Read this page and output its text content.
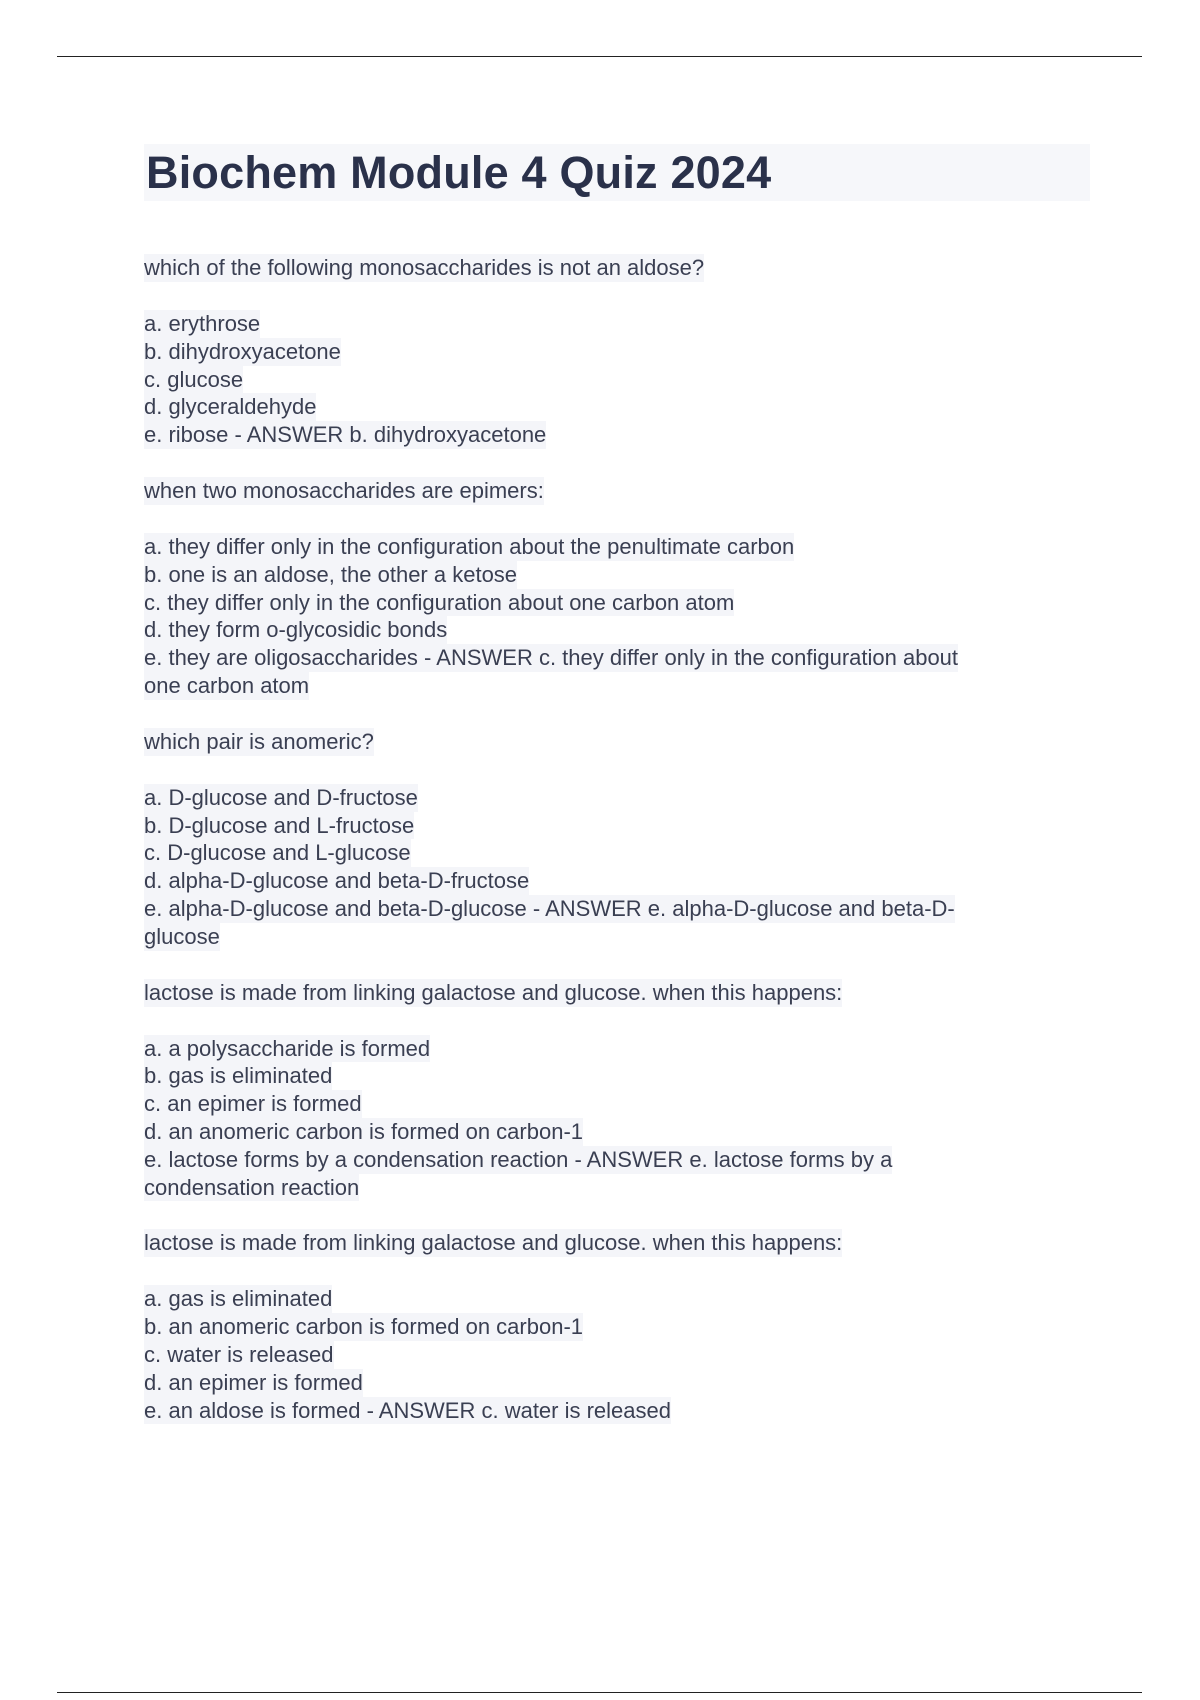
Biochem Module 4 Quiz 2024
which of the following monosaccharides is not an aldose?
a. erythrose
b. dihydroxyacetone
c. glucose
d. glyceraldehyde
e. ribose - ANSWER b. dihydroxyacetone
when two monosaccharides are epimers:
a. they differ only in the configuration about the penultimate carbon
b. one is an aldose, the other a ketose
c. they differ only in the configuration about one carbon atom
d. they form o-glycosidic bonds
e. they are oligosaccharides - ANSWER c. they differ only in the configuration about
one carbon atom
which pair is anomeric?
a. D-glucose and D-fructose
b. D-glucose and L-fructose
c. D-glucose and L-glucose
d. alpha-D-glucose and beta-D-fructose
e. alpha-D-glucose and beta-D-glucose - ANSWER e. alpha-D-glucose and beta-D-
glucose
lactose is made from linking galactose and glucose. when this happens:
a. a polysaccharide is formed
b. gas is eliminated
c. an epimer is formed
d. an anomeric carbon is formed on carbon-1
e. lactose forms by a condensation reaction - ANSWER e. lactose forms by a
condensation reaction
lactose is made from linking galactose and glucose. when this happens:
a. gas is eliminated
b. an anomeric carbon is formed on carbon-1
c. water is released
d. an epimer is formed
e. an aldose is formed - ANSWER c. water is released
